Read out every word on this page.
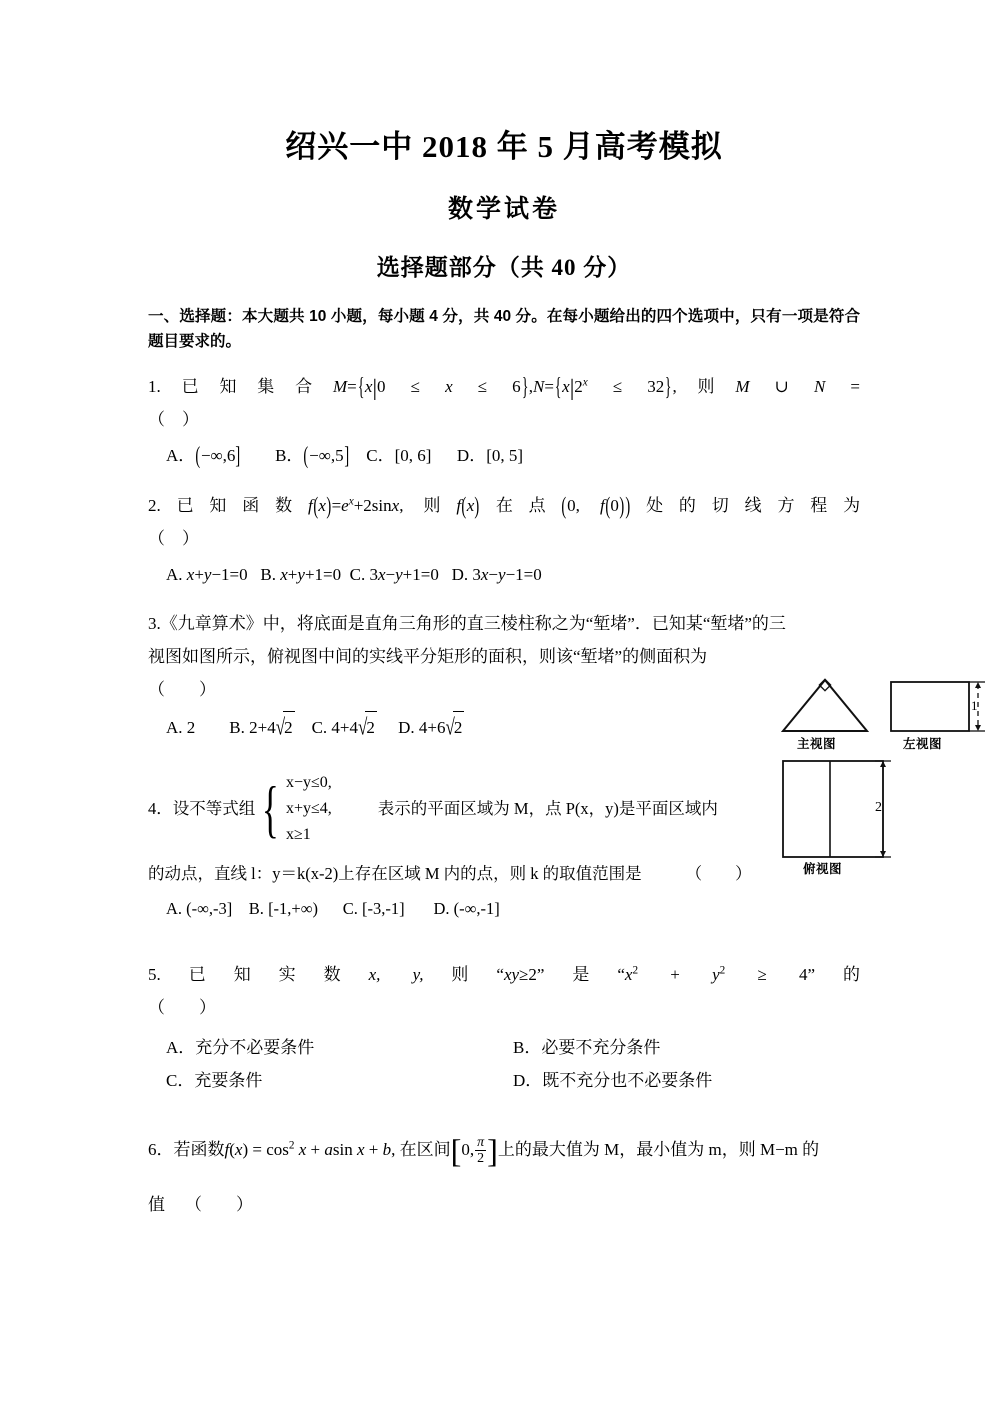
绍兴一中 2018 年 5 月高考模拟
数学试卷
选择题部分（共 40 分）
一、选择题：本大题共 10 小题，每小题 4 分，共 40 分。在每小题给出的四个选项中，只有一项是符合题目要求的。
1.已知集合$M=\{x|0 \le x \le 6\},N=\{x|2^x \le 32\}$,则M ∪ N =
（　）
A．(−∞,6] B．(−∞,5] C．[0, 6] D．[0, 5]
2.已知函数$f(x)=e^x+2\sin x$, 则f(x)在点(0, f(0))处的切线方程为
（　）
A. x+y−1=0   B. x+y+1=0  C. 3x−y+1=0   D. 3x−y−1=0
3.《九章算术》中，将底面是直角三角形的直三棱柱称之为“堑堵”．已知某“堑堵”的三
视图如图所示，俯视图中间的实线平分矩形的面积，则该“堑堵”的侧面积为
（　　）
A. 2 B. 2+4√2 C. 4+4√2 D. 4+6√2
4．设不等式组 { x−y≤0,
x+y≤4,
x≥1
表示的平面区域为 M，点 P(x，y)是平面区域内
的动点，直线 l：y＝k(x-2)上存在区域 M 内的点，则 k 的取值范围是	（　　）
A. (-∞,-3] B. [-1,+∞) C. [-3,-1] D. (-∞,-1]
5.已知实数x, y,则“xy≥2”是“$x^2 + y^2 \ge 4$”的
（　　）
A．充分不必要条件	B．必要不充分条件
C．充要条件	D．既不充分也不必要条件
6．若函数$f(x) = \cos^2 x + asin$ x + b, 在区间[0, $\frac{\pi}{2}$ ]上的最大值为 M，最小值为 m，则 M−m 的
值 （　　）
主视图	左视图
俯视图
1
2
